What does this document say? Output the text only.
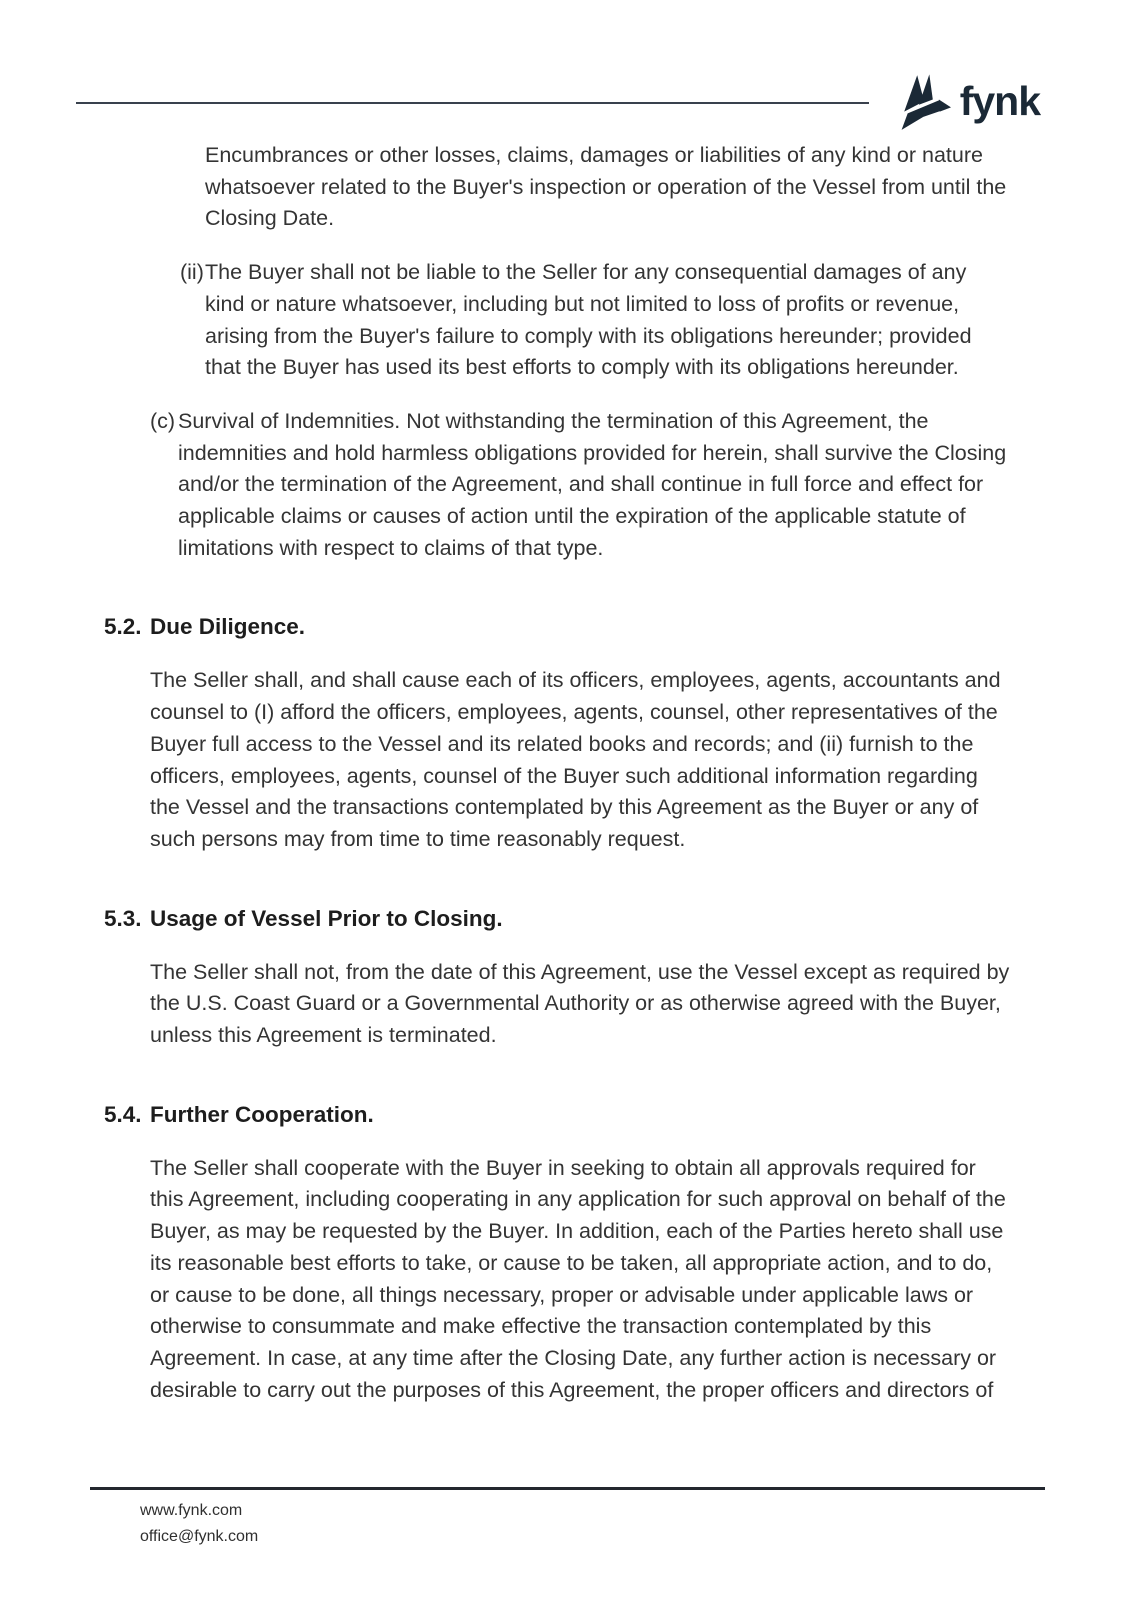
fynk

Encumbrances or other losses, claims, damages or liabilities of any kind or nature whatsoever related to the Buyer's inspection or operation of the Vessel from until the Closing Date.

(ii) The Buyer shall not be liable to the Seller for any consequential damages of any kind or nature whatsoever, including but not limited to loss of profits or revenue, arising from the Buyer's failure to comply with its obligations hereunder; provided that the Buyer has used its best efforts to comply with its obligations hereunder.

(c) Survival of Indemnities. Not withstanding the termination of this Agreement, the indemnities and hold harmless obligations provided for herein, shall survive the Closing and/or the termination of the Agreement, and shall continue in full force and effect for applicable claims or causes of action until the expiration of the applicable statute of limitations with respect to claims of that type.

5.2. Due Diligence.

The Seller shall, and shall cause each of its officers, employees, agents, accountants and counsel to (I) afford the officers, employees, agents, counsel, other representatives of the Buyer full access to the Vessel and its related books and records; and (ii) furnish to the officers, employees, agents, counsel of the Buyer such additional information regarding the Vessel and the transactions contemplated by this Agreement as the Buyer or any of such persons may from time to time reasonably request.

5.3. Usage of Vessel Prior to Closing.

The Seller shall not, from the date of this Agreement, use the Vessel except as required by the U.S. Coast Guard or a Governmental Authority or as otherwise agreed with the Buyer, unless this Agreement is terminated.

5.4. Further Cooperation.

The Seller shall cooperate with the Buyer in seeking to obtain all approvals required for this Agreement, including cooperating in any application for such approval on behalf of the Buyer, as may be requested by the Buyer. In addition, each of the Parties hereto shall use its reasonable best efforts to take, or cause to be taken, all appropriate action, and to do, or cause to be done, all things necessary, proper or advisable under applicable laws or otherwise to consummate and make effective the transaction contemplated by this Agreement. In case, at any time after the Closing Date, any further action is necessary or desirable to carry out the purposes of this Agreement, the proper officers and directors of

www.fynk.com
office@fynk.com
